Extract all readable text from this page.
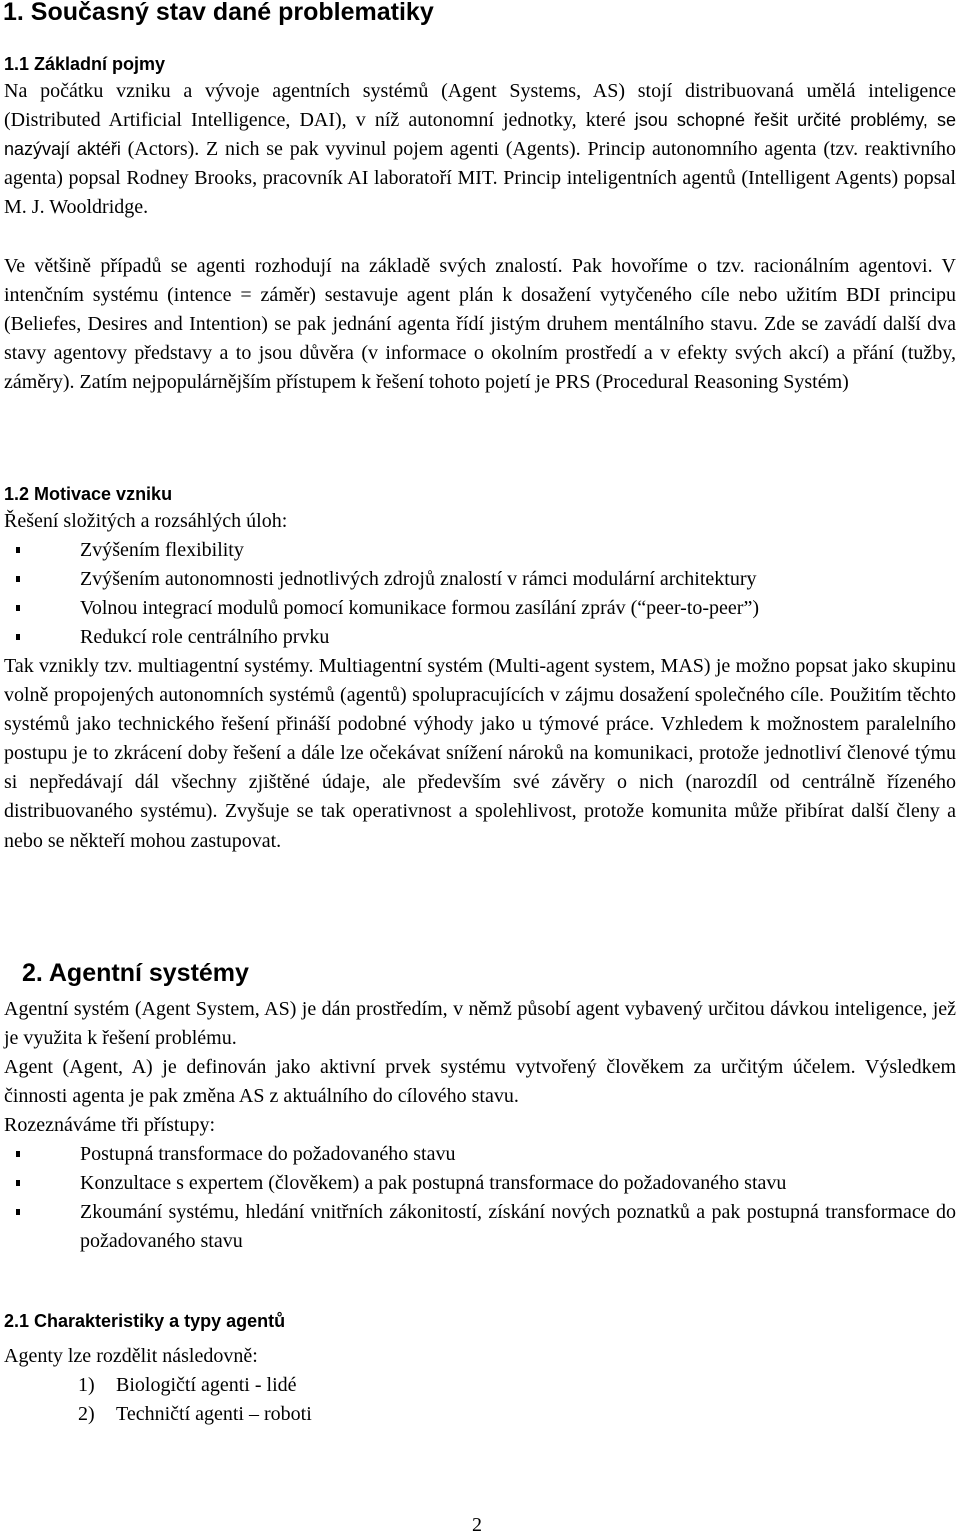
1. Současný stav dané problematiky
1.1 Základní pojmy

Na počátku vzniku a vývoje agentních systémů (Agent Systems, AS) stojí distribuovaná umělá inteligence (Distributed Artificial Intelligence, DAI), v níž autonomní jednotky, které jsou schopné řešit určité problémy, se nazývají aktéři (Actors). Z nich se pak vyvinul pojem agenti (Agents). Princip autonomního agenta (tzv. reaktivního agenta) popsal Rodney Brooks, pracovník AI laboratoří MIT. Princip inteligentních agentů (Intelligent Agents) popsal M. J. Wooldridge.

Ve většině případů se agenti rozhodují na základě svých znalostí. Pak hovoříme o tzv. racionálním agentovi. V intenčním systému (intence = záměr) sestavuje agent plán k dosažení vytyčeného cíle nebo užitím BDI principu (Beliefes, Desires and Intention) se pak jednání agenta řídí jistým druhem mentálního stavu. Zde se zavádí další dva stavy agentovy představy a to jsou důvěra (v informace o okolním prostředí a v efekty svých akcí) a přání (tužby, záměry). Zatím nejpopulárnějším přístupem k řešení tohoto pojetí je PRS (Procedural Reasoning Systém)

1.2 Motivace vzniku

Řešení složitých a rozsáhlých úloh:

Zvýšením flexibility
Zvýšením autonomnosti jednotlivých zdrojů znalostí v rámci modulární architektury
Volnou integrací modulů pomocí komunikace formou zasílání zpráv (“peer-to-peer”)
Redukcí role centrálního prvku

Tak vznikly tzv. multiagentní systémy. Multiagentní systém (Multi-agent system, MAS) je možno popsat jako skupinu volně propojených autonomních systémů (agentů) spolupracujících v zájmu dosažení společného cíle. Použitím těchto systémů jako technického řešení přináší podobné výhody jako u týmové práce. Vzhledem k možnostem paralelního postupu je to zkrácení doby řešení a dále lze očekávat snížení nároků na komunikaci, protože jednotliví členové týmu si nepředávají dál všechny zjištěné údaje, ale především své závěry o nich (narozdíl od centrálně řízeného distribuovaného systému). Zvyšuje se tak operativnost a spolehlivost, protože komunita může přibírat další členy a nebo se někteří mohou zastupovat.

2. Agentní systémy

Agentní systém (Agent System, AS) je dán prostředím, v němž působí agent vybavený určitou dávkou inteligence, jež je využita k řešení problému.

Agent (Agent, A) je definován jako aktivní prvek systému vytvořený člověkem za určitým účelem. Výsledkem činnosti agenta je pak změna AS z aktuálního do cílového stavu.

Rozeznáváme tři přístupy:

Postupná transformace do požadovaného stavu
Konzultace s expertem (člověkem) a pak postupná transformace do požadovaného stavu
Zkoumání systému, hledání vnitřních zákonitostí, získání nových poznatků a pak postupná transformace do požadovaného stavu
2.1 Charakteristiky a typy agentů

Agenty lze rozdělit následovně:

1) Biologičtí agenti - lidé
2) Techničtí agenti – roboti

2
